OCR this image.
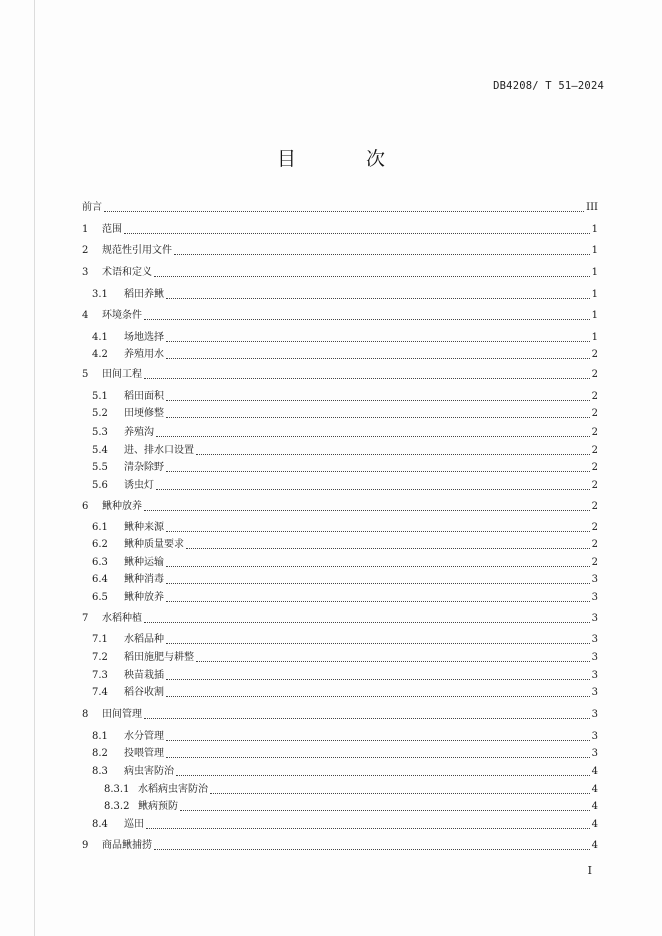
DB4208/ T 51—2024
目 次
前言	III
1	范围	1
2	规范性引用文件	1
3	术语和定义	1
3.1	稻田养鳅	1
4	环境条件	1
4.1	场地选择	1
4.2	养殖用水	2
5	田间工程	2
5.1	稻田面积	2
5.2	田埂修整	2
5.3	养殖沟	2
5.4	进、排水口设置	2
5.5	清杂除野	2
5.6	诱虫灯	2
6	鳅种放养	2
6.1	鳅种来源	2
6.2	鳅种质量要求	2
6.3	鳅种运输	2
6.4	鳅种消毒	3
6.5	鳅种放养	3
7	水稻种植	3
7.1	水稻品种	3
7.2	稻田施肥与耕整	3
7.3	秧苗栽插	3
7.4	稻谷收割	3
8	田间管理	3
8.1	水分管理	3
8.2	投喂管理	3
8.3	病虫害防治	4
8.3.1 水稻病虫害防治	4
8.3.2 鳅病预防	4
8.4	巡田	4
9	商品鳅捕捞	4
I
